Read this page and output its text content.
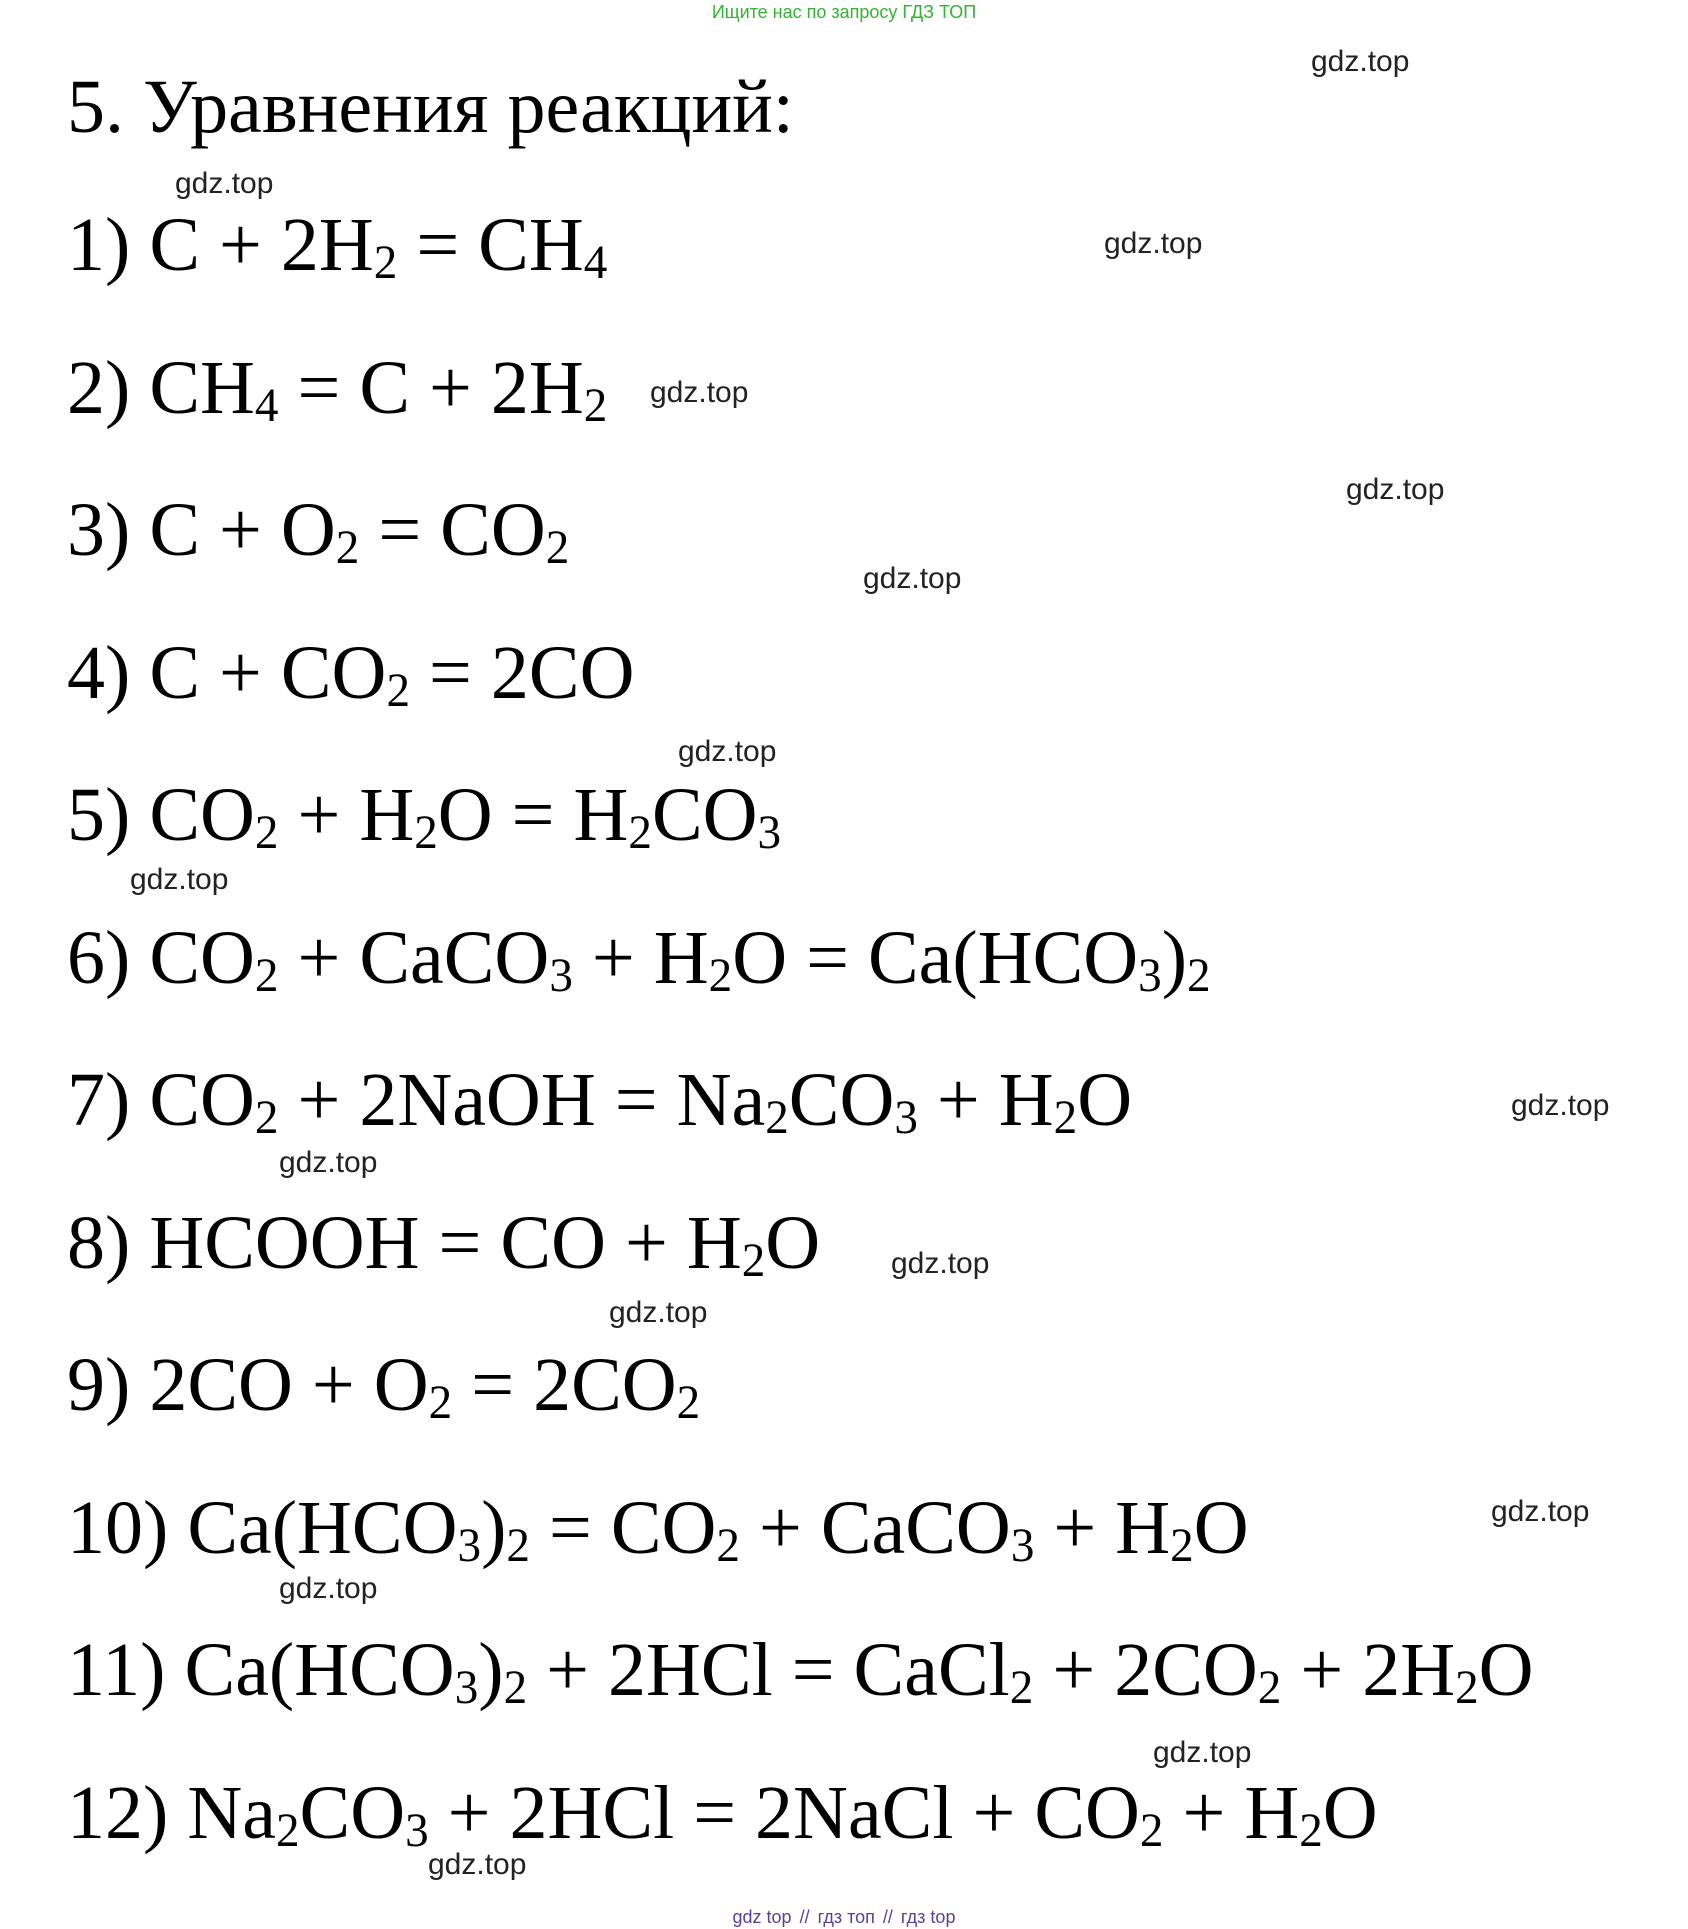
Ищите нас по запросу ГДЗ ТОП
5. Уравнения реакций:
1) $C + 2H_2 = CH_4$
2) $CH_4 = C + 2H_2$
3) $C + O_2 = CO_2$
4) $C + CO_2 = 2CO$
5) $CO_2 + H_2O = H_2CO_3$
6) $CO_2$ + CaCO$_3$ + $H_2O = Ca(HCO_3)_2$
7) $CO_2$ + 2NaOH = $Na_2CO_3 + H_2O$
8) HCOOH = CO + $H_2O$
9) $2CO + O_2 = 2CO_2$
10) $Ca(HCO_3)_2 = CO_2$ + CaCO$_3$ + $H_2O$
11) $Ca(HCO_3)_2 + 2HCl$ = CaCl$_2$ + $2CO_2 + 2H_2O$
12) $Na_2CO_3 + 2HCl$ = 2NaCl + $CO_2 + H_2O$
gdz.top
gdz.top
gdz.top
gdz.top
gdz.top
gdz.top
gdz.top
gdz.top
gdz.top
gdz.top
gdz.top
gdz.top
gdz.top
gdz.top
gdz.top
gdz.top
gdz top // гдз топ // гдз top
